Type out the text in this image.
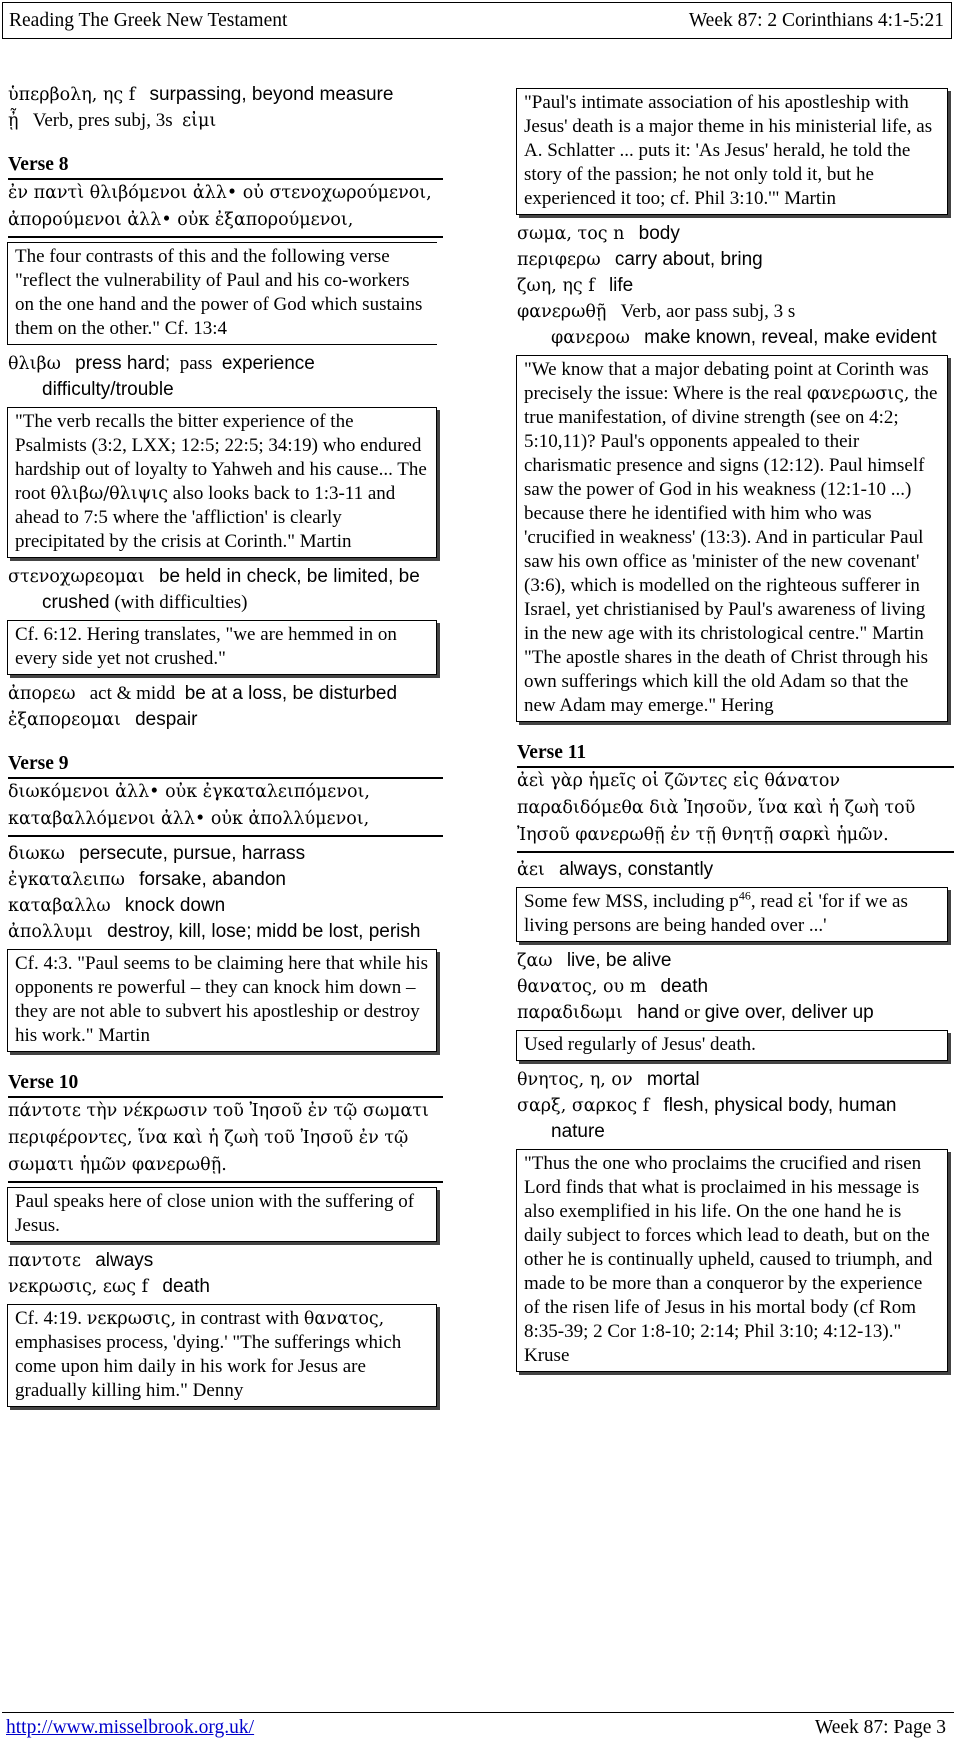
Reading The Greek New Testament	Week 87: 2 Corinthians 4:1-5:21
ὑπερβολη, ης f surpassing, beyond measure
ᾖ Verb, pres subj, 3s εἰμι
Verse 8
ἐν παντὶ θλιβόμενοι ἀλλ• οὐ στενοχωρούμενοι, ἀπορούμενοι ἀλλ• οὐκ ἐξαπορούμενοι,
The four contrasts of this and the following verse "reflect the vulnerability of Paul and his co-workers on the one hand and the power of God which sustains them on the other." Cf. 13:4
θλιβω press hard; pass experience difficulty/trouble
"The verb recalls the bitter experience of the Psalmists (3:2, LXX; 12:5; 22:5; 34:19) who endured hardship out of loyalty to Yahweh and his cause... The root θλιβω/θλιψις also looks back to 1:3-11 and ahead to 7:5 where the 'affliction' is clearly precipitated by the crisis at Corinth." Martin
στενοχωρεομαι be held in check, be limited, be crushed (with difficulties)
Cf. 6:12. Hering translates, "we are hemmed in on every side yet not crushed."
ἀπορεω act & midd be at a loss, be disturbed
ἐξαπορεομαι despair
Verse 9
διωκόμενοι ἀλλ• οὐκ ἐγκαταλειπόμενοι, καταβαλλόμενοι ἀλλ• οὐκ ἀπολλύμενοι,
διωκω persecute, pursue, harrass
ἐγκαταλειπω forsake, abandon
καταβαλλω knock down
ἀπολλυμι destroy, kill, lose; midd be lost, perish
Cf. 4:3. "Paul seems to be claiming here that while his opponents re powerful – they can knock him down – they are not able to subvert his apostleship or destroy his work." Martin
Verse 10
πάντοτε τὴν νέκρωσιν τοῦ Ἰησοῦ ἐν τῷ σωματι περιφέροντες, ἵνα καὶ ἡ ζωὴ τοῦ Ἰησοῦ ἐν τῷ σωματι ἡμῶν φανερωθῇ.
Paul speaks here of close union with the suffering of Jesus.
παντοτε always
νεκρωσις, εως f death
Cf. 4:19. νεκρωσις, in contrast with θανατος, emphasises process, 'dying.' "The sufferings which come upon him daily in his work for Jesus are gradually killing him." Denny
"Paul's intimate association of his apostleship with Jesus' death is a major theme in his ministerial life, as A. Schlatter ... puts it: 'As Jesus' herald, he told the story of the passion; he not only told it, but he experienced it too; cf. Phil 3:10.'" Martin
σωμα, τος n body
περιφερω carry about, bring
ζωη, ης f life
φανερωθῇ Verb, aor pass subj, 3 s
φανεροω make known, reveal, make evident
"We know that a major debating point at Corinth was precisely the issue: Where is the real φανερωσις, the true manifestation, of divine strength (see on 4:2; 5:10,11)? Paul's opponents appealed to their charismatic presence and signs (12:12). Paul himself saw the power of God in his weakness (12:1-10 ...) because there he identified with him who was 'crucified in weakness' (13:3). And in particular Paul saw his own office as 'minister of the new covenant' (3:6), which is modelled on the righteous sufferer in Israel, yet christianised by Paul's awareness of living in the new age with its christological centre." Martin
"The apostle shares in the death of Christ through his own sufferings which kill the old Adam so that the new Adam may emerge." Hering
Verse 11
ἀεὶ γὰρ ἡμεῖς οἱ ζῶντες εἰς θάνατον παραδιδόμεθα διὰ Ἰησοῦν, ἵνα καὶ ἡ ζωὴ τοῦ Ἰησοῦ φανερωθῇ ἐν τῇ θνητῇ σαρκὶ ἡμῶν.
ἀει always, constantly
Some few MSS, including $p^{46}$, read εἰ 'for if we as living persons are being handed over ...'
ζαω live, be alive
θανατος, ου m death
παραδιδωμι hand or give over, deliver up
Used regularly of Jesus' death.
θνητος, η, ον mortal
σαρξ, σαρκος f flesh, physical body, human nature
"Thus the one who proclaims the crucified and risen Lord finds that what is proclaimed in his message is also exemplified in his life. On the one hand he is daily subject to forces which lead to death, but on the other he is continually upheld, caused to triumph, and made to be more than a conqueror by the experience of the risen life of Jesus in his mortal body (cf Rom 8:35-39; 2 Cor 1:8-10; 2:14; Phil 3:10; 4:12-13)." Kruse
http://www.misselbrook.org.uk/	Week 87: Page 3
